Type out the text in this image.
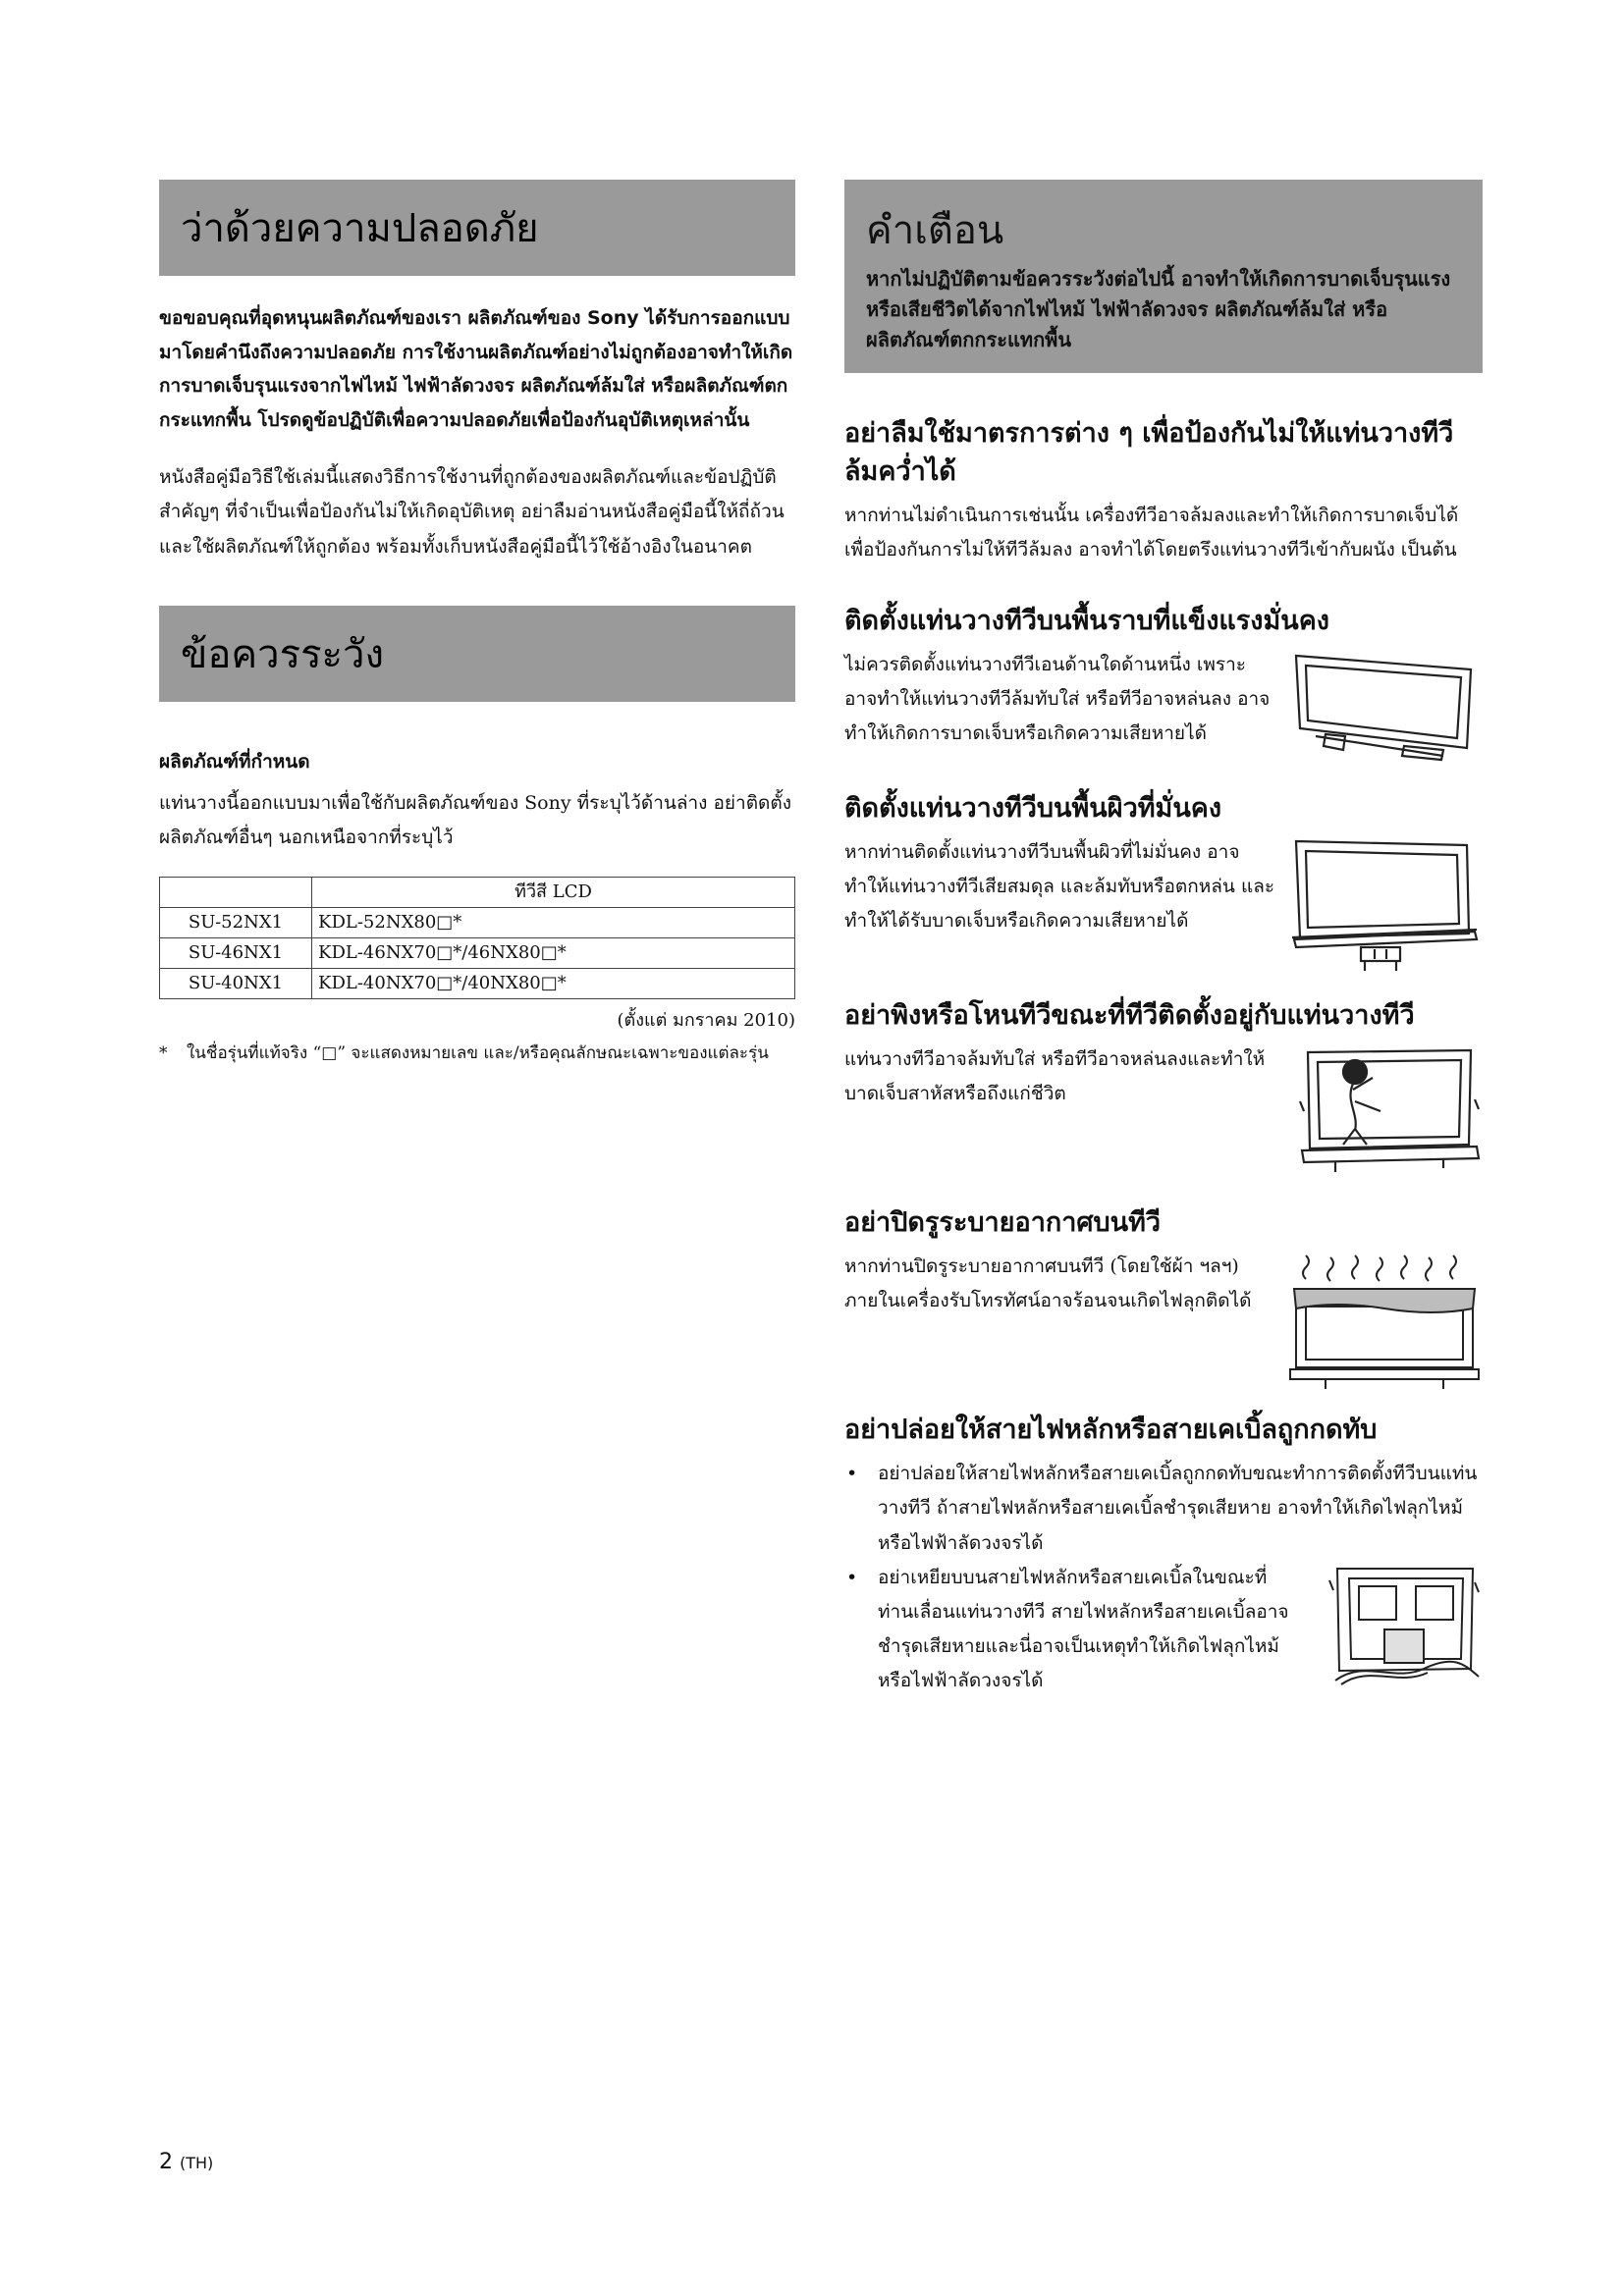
ว่าด้วยความปลอดภัย
ขอขอบคุณที่อุดหนุนผลิตภัณฑ์ของเรา ผลิตภัณฑ์ของ Sony ได้รับการออกแบบมาโดยคำนึงถึงความปลอดภัย การใช้งานผลิตภัณฑ์อย่างไม่ถูกต้องอาจทำให้เกิดการบาดเจ็บรุนแรงจากไฟไหม้ ไฟฟ้าลัดวงจร ผลิตภัณฑ์ล้มใส่ หรือผลิตภัณฑ์ตกกระแทกพื้น โปรดดูข้อปฏิบัติเพื่อความปลอดภัยเพื่อป้องกันอุบัติเหตุเหล่านั้น
หนังสือคู่มือวิธีใช้เล่มนี้แสดงวิธีการใช้งานที่ถูกต้องของผลิตภัณฑ์และข้อปฏิบัติสำคัญๆ ที่จำเป็นเพื่อป้องกันไม่ให้เกิดอุบัติเหตุ อย่าลืมอ่านหนังสือคู่มือนี้ให้ถี่ถ้วนและใช้ผลิตภัณฑ์ให้ถูกต้อง พร้อมทั้งเก็บหนังสือคู่มือนี้ไว้ใช้อ้างอิงในอนาคต
ข้อควรระวัง
ผลิตภัณฑ์ที่กำหนด
แท่นวางนี้ออกแบบมาเพื่อใช้กับผลิตภัณฑ์ของ Sony ที่ระบุไว้ด้านล่าง อย่าติดตั้งผลิตภัณฑ์อื่นๆ นอกเหนือจากที่ระบุไว้
	ทีวีสี LCD
SU-52NX1	KDL-52NX80□*
SU-46NX1	KDL-46NX70□*/46NX80□*
SU-40NX1	KDL-40NX70□*/40NX80□*
(ตั้งแต่ มกราคม 2010)
*	ในชื่อรุ่นที่แท้จริง “□” จะแสดงหมายเลข และ/หรือคุณลักษณะเฉพาะของแต่ละรุ่น
คำเตือน
หากไม่ปฏิบัติตามข้อควรระวังต่อไปนี้ อาจทำให้เกิดการบาดเจ็บรุนแรงหรือเสียชีวิตได้จากไฟไหม้ ไฟฟ้าลัดวงจร ผลิตภัณฑ์ล้มใส่ หรือผลิตภัณฑ์ตกกระแทกพื้น
อย่าลืมใช้มาตรการต่าง ๆ เพื่อป้องกันไม่ให้แท่นวางทีวีล้มคว่ำได้
หากท่านไม่ดำเนินการเช่นนั้น เครื่องทีวีอาจล้มลงและทำให้เกิดการบาดเจ็บได้ เพื่อป้องกันการไม่ให้ทีวีล้มลง อาจทำได้โดยตรึงแท่นวางทีวีเข้ากับผนัง เป็นต้น
ติดตั้งแท่นวางทีวีบนพื้นราบที่แข็งแรงมั่นคง
ไม่ควรติดตั้งแท่นวางทีวีเอนด้านใดด้านหนึ่ง เพราะอาจทำให้แท่นวางทีวีล้มทับใส่ หรือทีวีอาจหล่นลง อาจทำให้เกิดการบาดเจ็บหรือเกิดความเสียหายได้
ติดตั้งแท่นวางทีวีบนพื้นผิวที่มั่นคง
หากท่านติดตั้งแท่นวางทีวีบนพื้นผิวที่ไม่มั่นคง อาจทำให้แท่นวางทีวีเสียสมดุล และล้มทับหรือตกหล่น และทำให้ได้รับบาดเจ็บหรือเกิดความเสียหายได้
อย่าพิงหรือโหนทีวีขณะที่ทีวีติดตั้งอยู่กับแท่นวางทีวี
แท่นวางทีวีอาจล้มทับใส่ หรือทีวีอาจหล่นลงและทำให้บาดเจ็บสาหัสหรือถึงแก่ชีวิต
อย่าปิดรูระบายอากาศบนทีวี
หากท่านปิดรูระบายอากาศบนทีวี (โดยใช้ผ้า ฯลฯ) ภายในเครื่องรับโทรทัศน์อาจร้อนจนเกิดไฟลุกติดได้
อย่าปล่อยให้สายไฟหลักหรือสายเคเบิ้ลถูกกดทับ
• อย่าปล่อยให้สายไฟหลักหรือสายเคเบิ้ลถูกกดทับขณะทำการติดตั้งทีวีบนแท่นวางทีวี ถ้าสายไฟหลักหรือสายเคเบิ้ลชำรุดเสียหาย อาจทำให้เกิดไฟลุกไหม้หรือไฟฟ้าลัดวงจรได้
• อย่าเหยียบบนสายไฟหลักหรือสายเคเบิ้ลในขณะที่ท่านเลื่อนแท่นวางทีวี สายไฟหลักหรือสายเคเบิ้ลอาจชำรุดเสียหายและนี่อาจเป็นเหตุทำให้เกิดไฟลุกไหม้หรือไฟฟ้าลัดวงจรได้
2 (TH)
